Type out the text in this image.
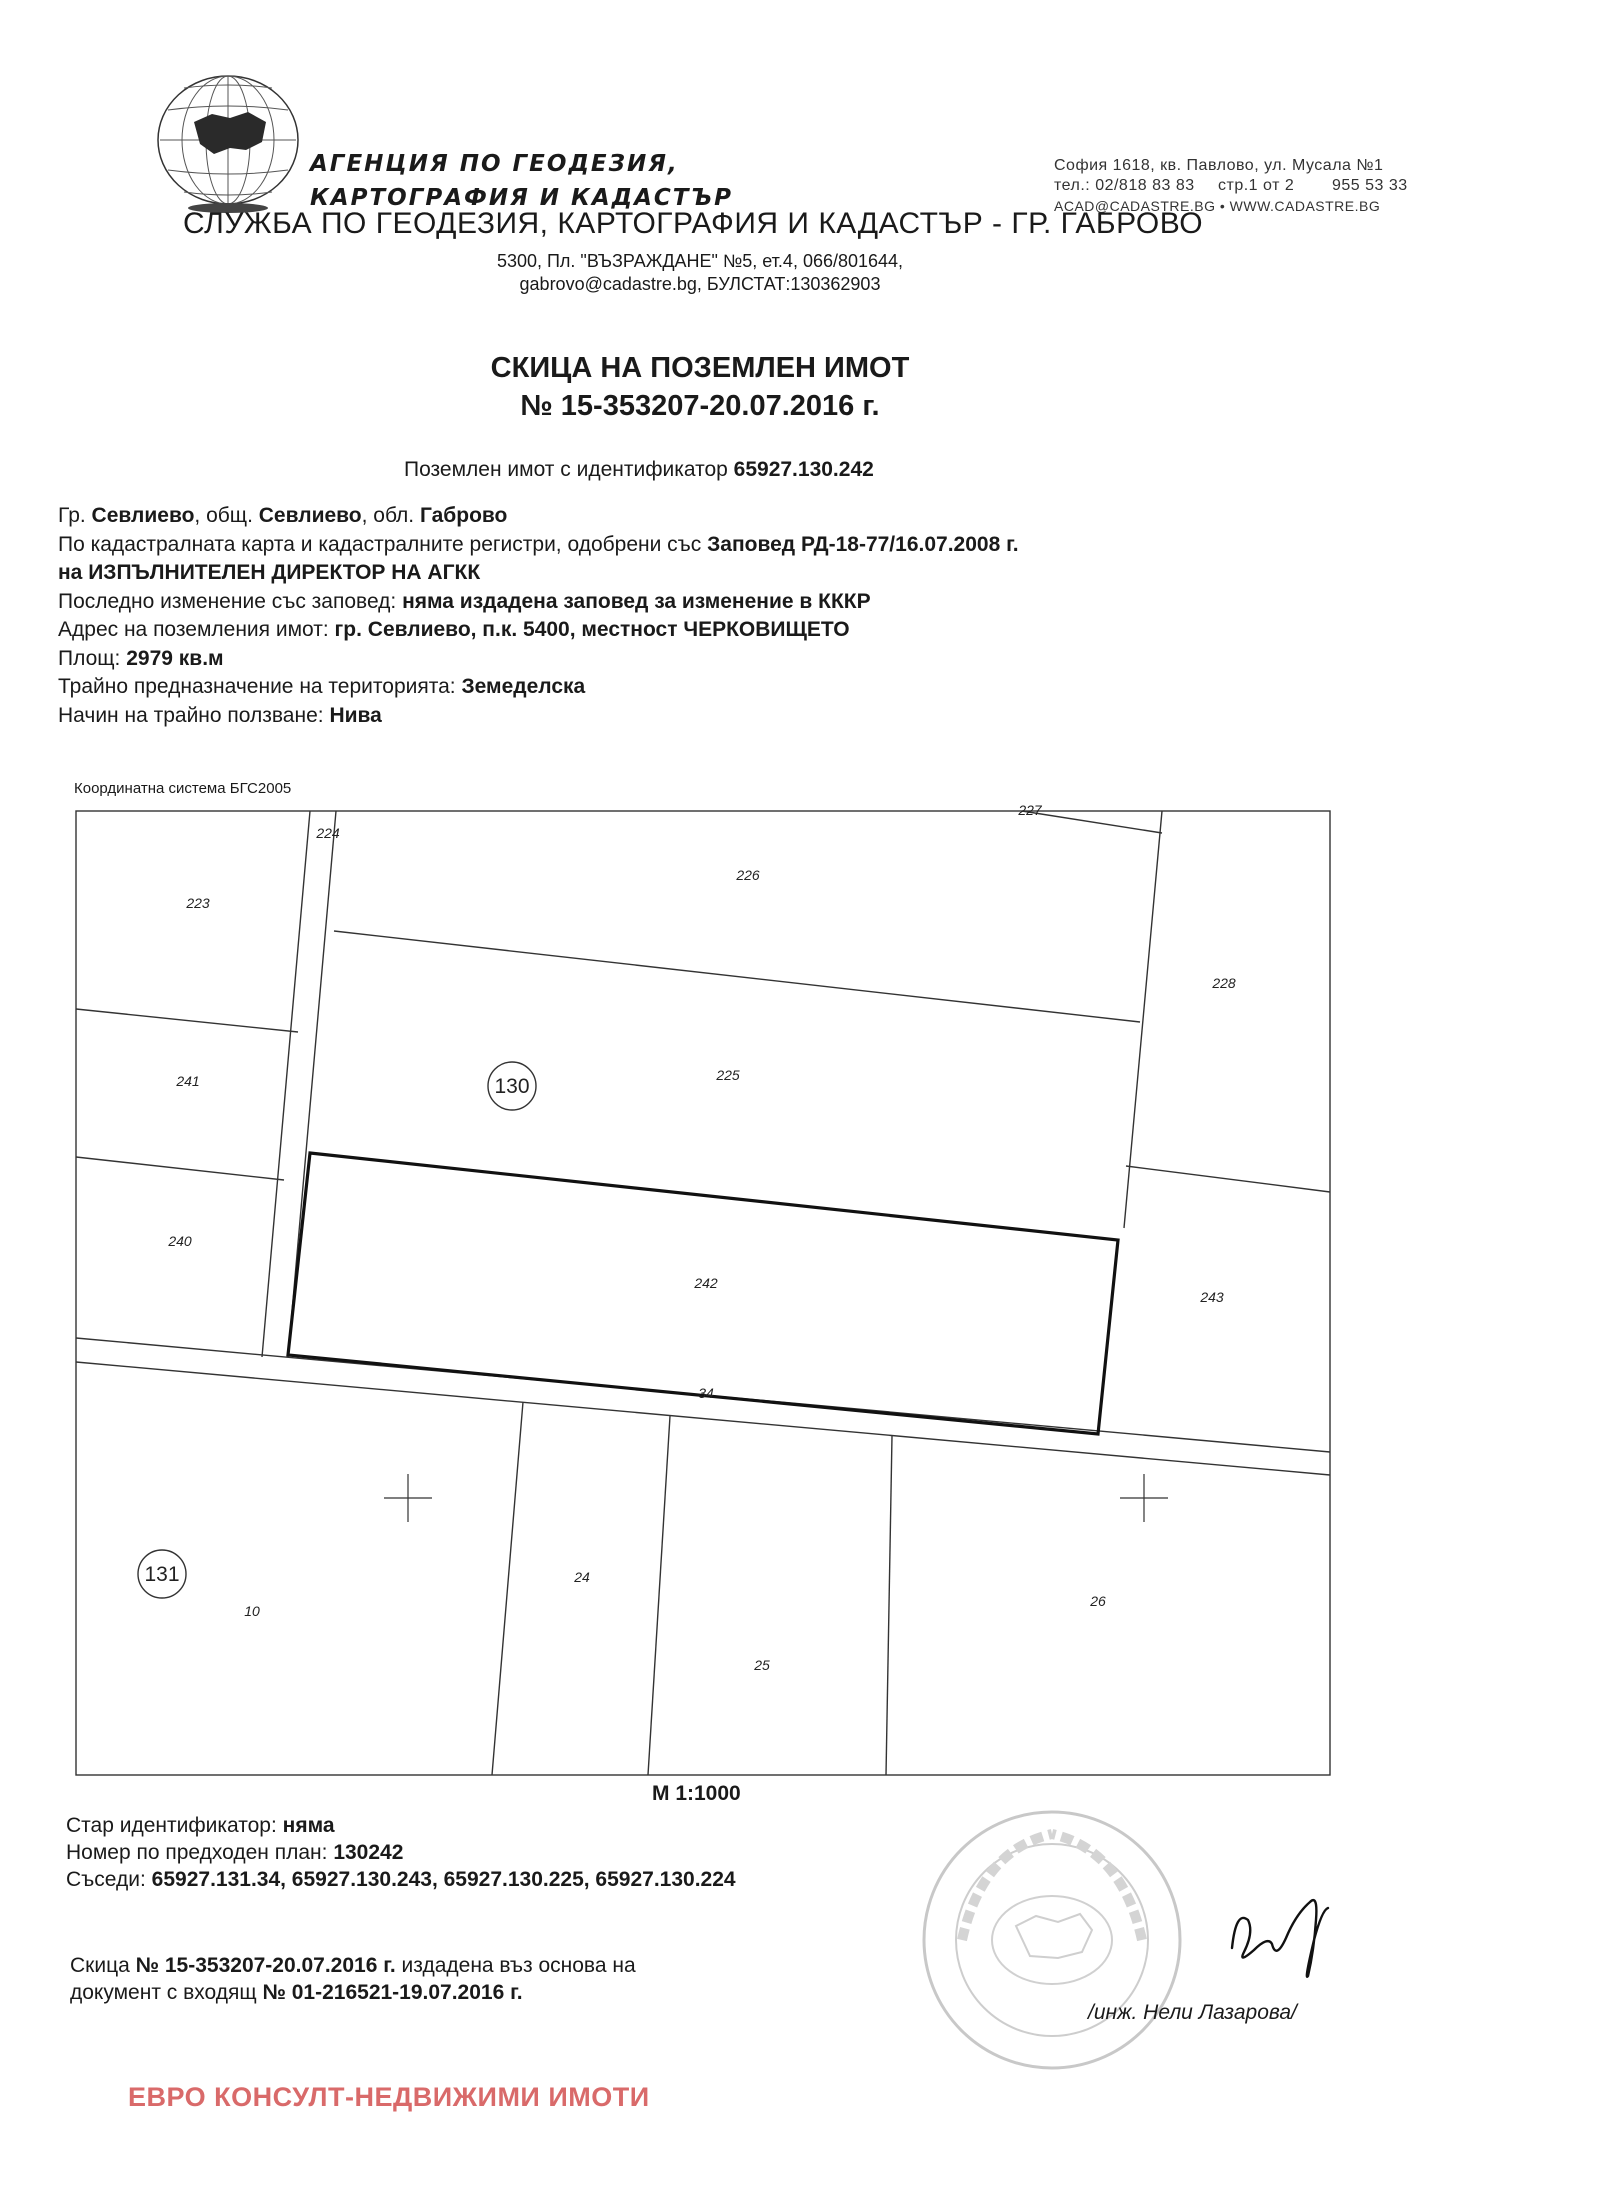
АГЕНЦИЯ ПО ГЕОДЕЗИЯ,
КАРТОГРАФИЯ И КАДАСТЪР
София 1618, кв. Павлово, ул. Мусала №1
тел.: 02/818 83 83 стр.1 от 2 955 53 33
ACAD@CADASTRE.BG • WWW.CADASTRE.BG
СЛУЖБА ПО ГЕОДЕЗИЯ, КАРТОГРАФИЯ И КАДАСТЪР - ГР. ГАБРОВО
5300, Пл. "ВЪЗРАЖДАНЕ" №5, ет.4, 066/801644,
gabrovo@cadastre.bg, БУЛСТАТ:130362903
СКИЦА НА ПОЗЕМЛЕН ИМОТ
№ 15-353207-20.07.2016 г.
Поземлен имот с идентификатор 65927.130.242
Гр. Севлиево, общ. Севлиево, обл. Габрово
По кадастралната карта и кадастралните регистри, одобрени със Заповед РД-18-77/16.07.2008 г.
на ИЗПЪЛНИТЕЛЕН ДИРЕКТОР НА АГКК
Последно изменение със заповед: няма издадена заповед за изменение в КККР
Адрес на поземления имот: гр. Севлиево, п.к. 5400, местност ЧЕРКОВИЩЕТО
Площ: 2979 кв.м
Трайно предназначение на територията: Земеделска
Начин на трайно ползване: Нива
Координатна система БГС2005
224
226
223
228
241	225
240
242
243
34
10
24
25
26
227
130
131
М 1:1000
Стар идентификатор: няма
Номер по предходен план: 130242
Съседи: 65927.131.34, 65927.130.243, 65927.130.225, 65927.130.224
Скица № 15-353207-20.07.2016 г. издадена въз основа на
документ с входящ № 01-216521-19.07.2016 г.
/инж. Нели Лазарова/
ЕВРО КОНСУЛТ-НЕДВИЖИМИ ИМОТИ
